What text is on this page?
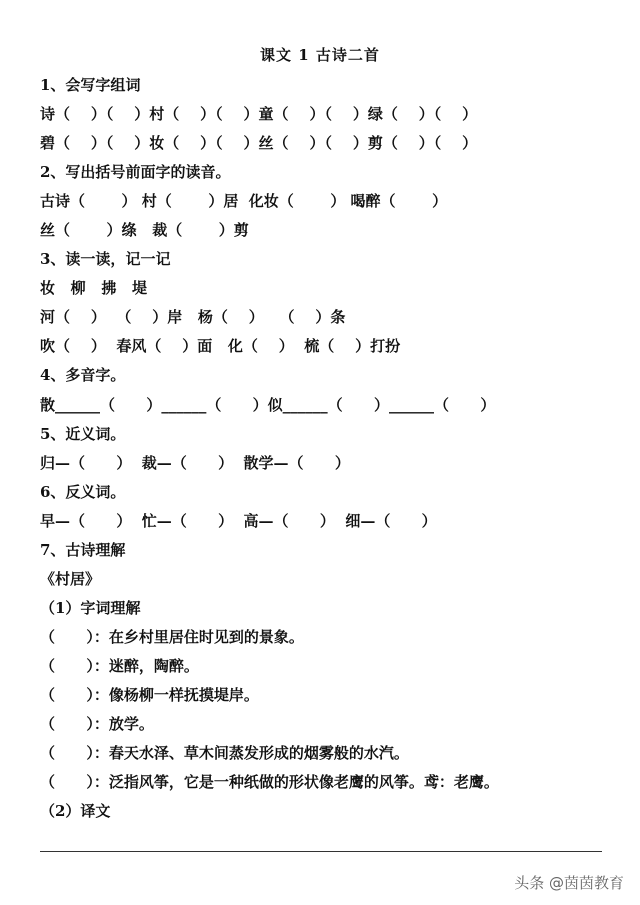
课文 1 古诗二首
1、会写字组词
诗（    ）（    ）村（    ）（    ）童（    ）（    ）绿（    ）（    ）
碧（    ）（    ）妆（    ）（    ）丝（    ）（    ）剪（    ）（    ）
2、写出括号前面字的读音。
古诗（       ） 村（       ）居  化妆（       ） 喝醉（       ）
丝（       ）绦   裁（       ）剪
3、读一读，记一记
妆   柳   拂   堤
河（    ）  （    ）岸   杨（    ）   （    ）条
吹（    ）  春风（    ）面   化（    ）  梳（    ）打扮
4、多音字。
散______（      ）______（      ）似______（      ）______（      ）
5、近义词。
归—（      ）  裁—（      ）  散学—（      ）
6、反义词。
早—（      ）  忙—（      ）  高—（      ）  细—（      ）
7、古诗理解
《村居》
（1）字词理解
（      ）：在乡村里居住时见到的景象。
（      ）：迷醉，陶醉。
（      ）：像杨柳一样抚摸堤岸。
（      ）：放学。
（      ）：春天水泽、草木间蒸发形成的烟雾般的水汽。
（      ）：泛指风筝，它是一种纸做的形状像老鹰的风筝。鸢：老鹰。
（2）译文
头条 @茵茵教育
